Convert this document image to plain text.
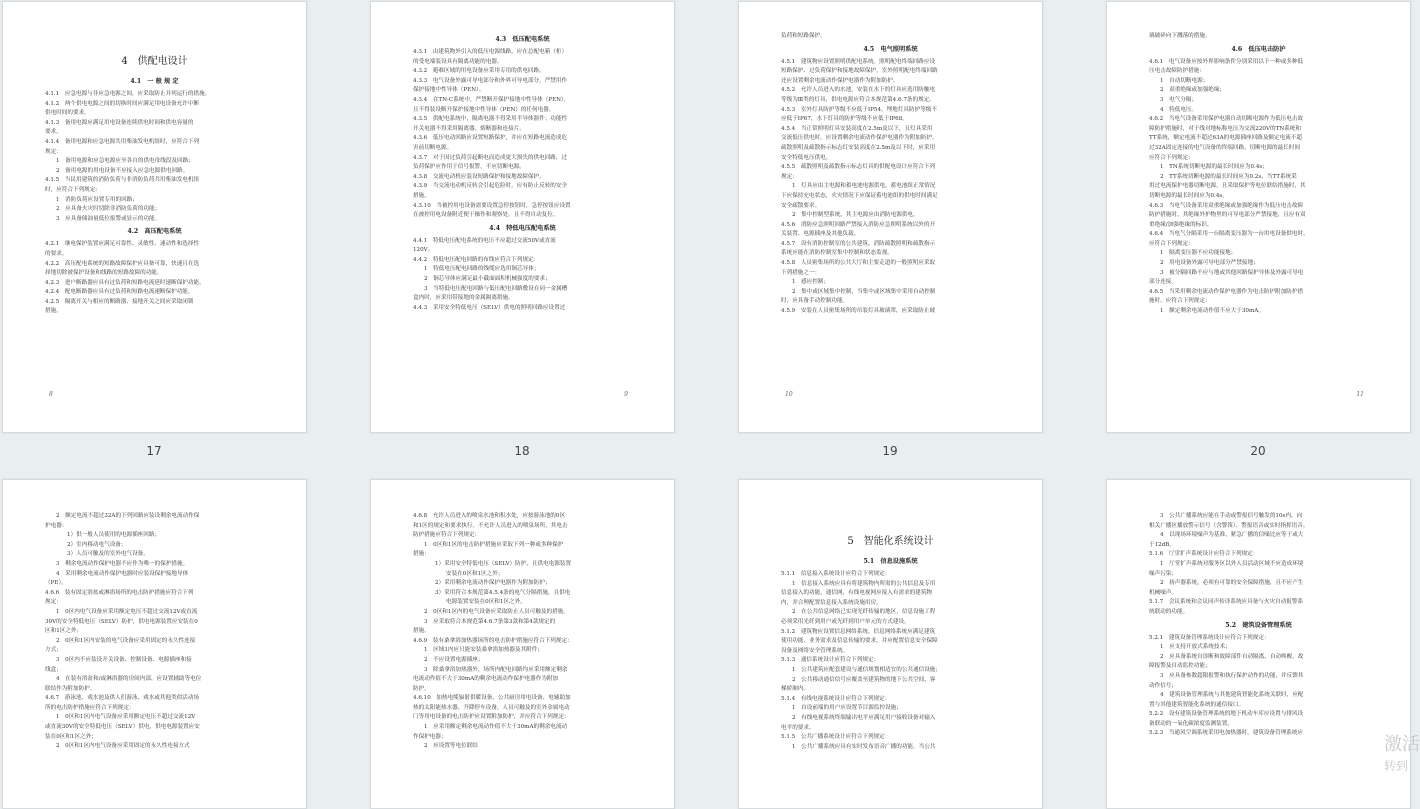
4　供配电设计
4.1　一 般 规 定

4.1.1　应急电源与非应急电源之间，应采取防止并列运行的措施。

4.1.2　两个供电电源之间的切换时间应满足用电设备允许中断

供电时间的要求。

4.1.3　备用电源应满足用电设备连续供电时间和供电容量的

要求。

4.1.4　备用电源和应急电源共用柴油发电机组时，应符合下列

规定：

1　备用电源和应急电源应至各自的供电母线段及回路；

2　备用电源的用电设备不应接入应急电源供电回路。

4.1.5　当民用建筑的消防负荷与非消防负荷共用柴油发电机组

时，应符合下列规定：

1　消防负荷应设置专用的回路；

2　应具备火灾时切除非消防负荷的功能；

3　应具备储油量低位报警或显示的功能。

4.2　高压配电系统

4.2.1　继电保护装置应满足可靠性、灵敏性、速动性和选择性

的要求。

4.2.2　高压配电系统的短路故障保护应具备可靠，快速且在选

择地切除被保护设备和线路的短路故障的功能。

4.2.3　进户断路器应具有过负荷和短路电流延时速断保护功能。

4.2.4　配电断路器应具有过负荷和短路电流速断保护功能。

4.2.5　隔离开关与相应的断路器、接地开关之间应采取闭锁

措施。

8
17
4.3　低压配电系统

4.3.1　由建筑物外引入的低压电源线路，应在总配电箱（柜）

的受电端装设具有隔离功能的电器。

4.3.2　避难区域的用电设备应采用专用的供电回路。

4.3.3　电气设备外露可导电部分和外界可导电部分，严禁用作

保护接地中性导体（PEN）。

4.3.4　在TN-C系统中，严禁断开保护接地中性导体（PEN），

且不得装设断开保护接地中性导体（PEN）的任何电器。

4.3.5　供配电系统中，隔离电器不得采用半导体器件；功能性

开关电器不得采用隔离器、熔断器和连接片。

4.3.6　低压电动回路应设置短路保护，并应在短路电流造成危

害前切断电源。

4.3.7　对于因过负荷引起断电而造成更大损失的供电回路，过

负荷保护应作用于信号报警，不应切断电源。

4.3.8　交流电动机应装设短路保护和接地故障保护。

4.3.9　当交流电动机反转会引起危险时，应有防止反转的安全

措施。

4.3.10　当被控用电设备需要设置急停按钮时，急停按钮应设置

在被控用电设备附近便于操作和观察处，且不得自动复位。

4.4　特低电压配电系统

4.4.1　特低电压配电系统的电压不应超过交流50V或直流

120V。

4.4.2　特低电压配电回路的布线应符合下列规定：

1　特低电压配电回路的线缆应选用铜芯导体；

2　铜芯导体应满足最小截面面积机械强度的要求；

3　当特低电压配电回路与低压配电回路敷设在同一金属槽

盒内时，应采用带接地的金属隔离措施。

4.4.3　采用安全特低电压（SELV）供电的照明回路应设置过

9
18

负荷和短路保护。

4.5　电气照明系统

4.5.1　建筑物应设置照明供配电系统。照明配电终端回路应设

短路保护、过负荷保护和接地故障保护，室外照明配电终端回路

还应设置剩余电流动作保护电器作为附加防护。

4.5.2　允许人员进入的水池，安装在水下的灯具应选用防触电

等级为Ⅲ类的灯具，供电电源应符合本规范第4.6.7条的规定。

4.5.3　室外灯具防护等级不应低于IP54，埋地灯具防护等级不

应低于IP67，水下灯具的防护等级不应低于IP68。

4.5.4　当正常照明灯具安装高度在2.5m及以下，且灯具采用

交流低压供电时，应设置剩余电流动作保护电器作为附加防护。

疏散照明及疏散指示标志灯安装高度在2.5m及以下时，应采用

安全特低电压供电。

4.5.5　疏散照明及疏散指示标志灯具的供配电设计应符合下列

规定：

1　灯具应由主电源和蓄电池电源供电。蓄电池组正常情况

下应保持充电状态，火灾情况下应保证蓄电池组的供电时间满足

安全疏散要求。

2　集中控制型系统，其主电源应由消防电源供电。

4.5.6　消防应急照明回路严禁接入消防应急照明系统以外的开

关装置、电源插座及其他负载。

4.5.7　设有消防控制室的公共建筑，消防疏散照明和疏散指示

系统应能在消防控制室集中控制和状态监视。

4.5.8　人员密集场所的公共大厅和主要走道的一般照明应采取

下列措施之一：

1　感应控制；

2　集中或区域集中控制，当集中或区域集中采用自动控制

时，应具备手动控制功能。

4.5.9　安装在人员密集场所的吊装灯具玻璃罩，应采取防止玻

10
19

璃破碎向下溅落的措施。

4.6　低压电击防护

4.6.1　电气设备应按外界影响条件分别采用以下一种或多种低

压电击故障防护措施：

1　自动切断电源；

2　双重绝缘或加强绝缘；

3　电气分隔；

4　特低电压。

4.6.2　当电气设备采用保护电器自动切断电源作为低压电击故

障防护措施时，对于线对地标称电压为交流220V的TN系统和

TT系统，额定电流不超过63A的电源插座回路及额定电流不超

过32A固定连接的电气设备的终端回路，切断电源的最长时间

应符合下列规定：

1　TN系统切断电源的最长时间应为0.4s；

2　TT系统切断电源的最长时间应为0.2s，当TT系统采

用过电流保护电器切断电源，且采取保护等电位联结措施时，其

切断电源的最长时间应为0.4s。

4.6.3　当电气设备采用双重绝缘或加强绝缘作为低压电击故障

防护措施时，其绝缘外护物里的可导电部分严禁接地，且应有双

重绝缘/加强绝缘的标识。

4.6.4　当电气分隔采用一台隔离变压器为一台用电设备供电时，

应符合下列规定：

1　隔离变压器不应功能接地；

2　用电设备外露可导电部分严禁接地；

3　被分隔回路不应与地或其他回路保护导体及外露可导电

部分连接。

4.6.5　当采用剩余电流动作保护电器作为电击防护附加防护措

施时，应符合下列规定：

1　额定剩余电流动作值不应大于30mA。

11
20

2　额定电流不超过32A的下列回路应装设剩余电流动作保

护电器：

1）供一般人员使用的电源插座回路；

2）室内移动电气设备；

3）人员可触及的室外电气设备。

3　剩余电流动作保护电器不应作为唯一的保护措施。

4　采用剩余电流动作保护电器时应装设保护接地导体

（PE）。

4.6.6　装有固定浴盆或淋浴场所的电击防护措施应符合下列

规定：

1　0区内电气设备应采用额定电压不超过交流12V或直流

30V的安全特低电压（SELV）防护，供电电源装置应安装在0

区和1区之外；

2　0区和1区内安装的电气设备应采用固定的永久性连接

方式；

3　0区内不应装设开关设备、控制设备、电源插座和接

线盒；

4　在装有浴盆和/或淋浴器的房间内部，应设置辅助等电位

联结作为附加防护。

4.6.7　游泳池、戏水池及供人们游泳、戏水或其他类似活动场

所的电击防护措施应符合下列规定：

1　0区和1区内电气设备应采用额定电压不超过交流12V

或直流30V的安全特低电压（SELV）供电，供电电源装置应安

装在0区和1区之外；

2　0区和1区内电气设备应采用固定的永久性连接方式

4.6.8　允许人员进入的喷泉水池和积水处，应按游泳池的0区

和1区的规定和要求执行。不允许人员进入的喷泉场所，其电击

防护措施应符合下列规定：

1　0区和1区的电击防护措施应采取下列一种或多种保护

措施：

1）采用安全特低电压（SELV）防护，且供电电源装置

安装在0区和1区之外；

2）采用剩余电流动作保护电器作为附加防护；

3）采用符合本规范第4.5.4条的电气分隔措施，且供电

电源装置安装在0区和1区之外。

2　0区和1区内的电气设备应采取防止人员可触及的措施。

3　应采取符合本规范第4.6.7条第3款和第4款规定的

措施。

4.6.9　装有桑拿浴加热器场所的电击防护措施应符合下列规定：

1　区域1内应只能安装桑拿浴加热器及其附件；

2　不应设置电源插座；

3　除桑拿浴加热器外，场所内配电回路均应采用额定剩余

电流动作值不大于30mA的剩余电流动作保护电器作为附加

防护。

4.6.10　加热电缆辐射供暖设备、公共厨房用电设备、电辅助加

热的太阳能热水器、升降停车设备，人员可触及的室外金属电动

门等用电设备的电击防护应设置附加防护，并应符合下列规定：

1　应采用额定剩余电流动作值不大于30mA的剩余电流动

作保护电器；

2　应设置等电位联结

5　智能化系统设计
5.1　信息设施系统

5.1.1　信息接入系统设计应符合下列规定：

1　信息接入系统应具有将建筑物内所需的公共信息及专用

信息接入的功能，通信网、有线电视网应接入有需求的建筑物

内，并合理配置信息接入系统设施用房。

2　在公共信息网络已实现光纤传输的地区，信息设施工程

必须采用光纤到用户或光纤到用户单元的方式建设。

5.1.2　建筑物应设置信息网络系统。信息网络系统应满足建筑

使用功能、业务需求及信息传输的要求，并应配置信息安全保障

设备及网络安全管理系统。

5.1.3　通信系统设计应符合下列规定：

1　公共建筑应配套建设与通信规划相适宜的公共通信设施；

2　公共移动通信信号应覆盖至建筑物的地下公共空间、客

梯轿厢内。

5.1.4　有线电视系统设计应符合下列规定：

1　自设前端的用户应设置节目源监控设施；

2　有线电视系统终端输出电平应满足用户接收设备对输入

电平的要求。

5.1.5　公共广播系统设计应符合下列规定：

1　公共广播系统应具有实时发布语音广播的功能，当公共

3　公共广播系统应能在手动或警报信号触发的10s内，向

相关广播区播放警示信号（含警笛）、警报语音或实时指挥语音。

4　以现场环境噪声为基准，紧急广播的信噪比应等于或大

于12dB。

5.1.6　厅堂扩声系统设计应符合下列规定：

1　厅堂扩声系统对服务区以外人员活动区域不应造成环境

噪声污染；

2　扬声器系统，必须有可靠的安全保障措施，且不应产生

机械噪声。

5.1.7　会议系统和会议同声传译系统应具备与火灾自动报警系

统联动的功能。

5.2　建筑设备管理系统

5.2.1　建筑设备管理系统设计应符合下列规定：

1　应支持开放式系统技术；

2　应具备系统自诊断和故障部件自动隔离、自动唤醒、故

障报警及自动监控功能；

3　应具备参数超限报警和执行保护动作的功能，并反馈其

动作信号；

4　建筑设备管理系统与其他建筑智能化系统关联时，应配

置与其他建筑智能化系统的通信接口。

5.2.2　设有建筑设备管理系统的地下机动车库应设置与排风设

备联动的一氧化碳浓度监测装置。

5.2.3　当通风空调系统采用电加热器时，建筑设备管理系统应

激活
转到
